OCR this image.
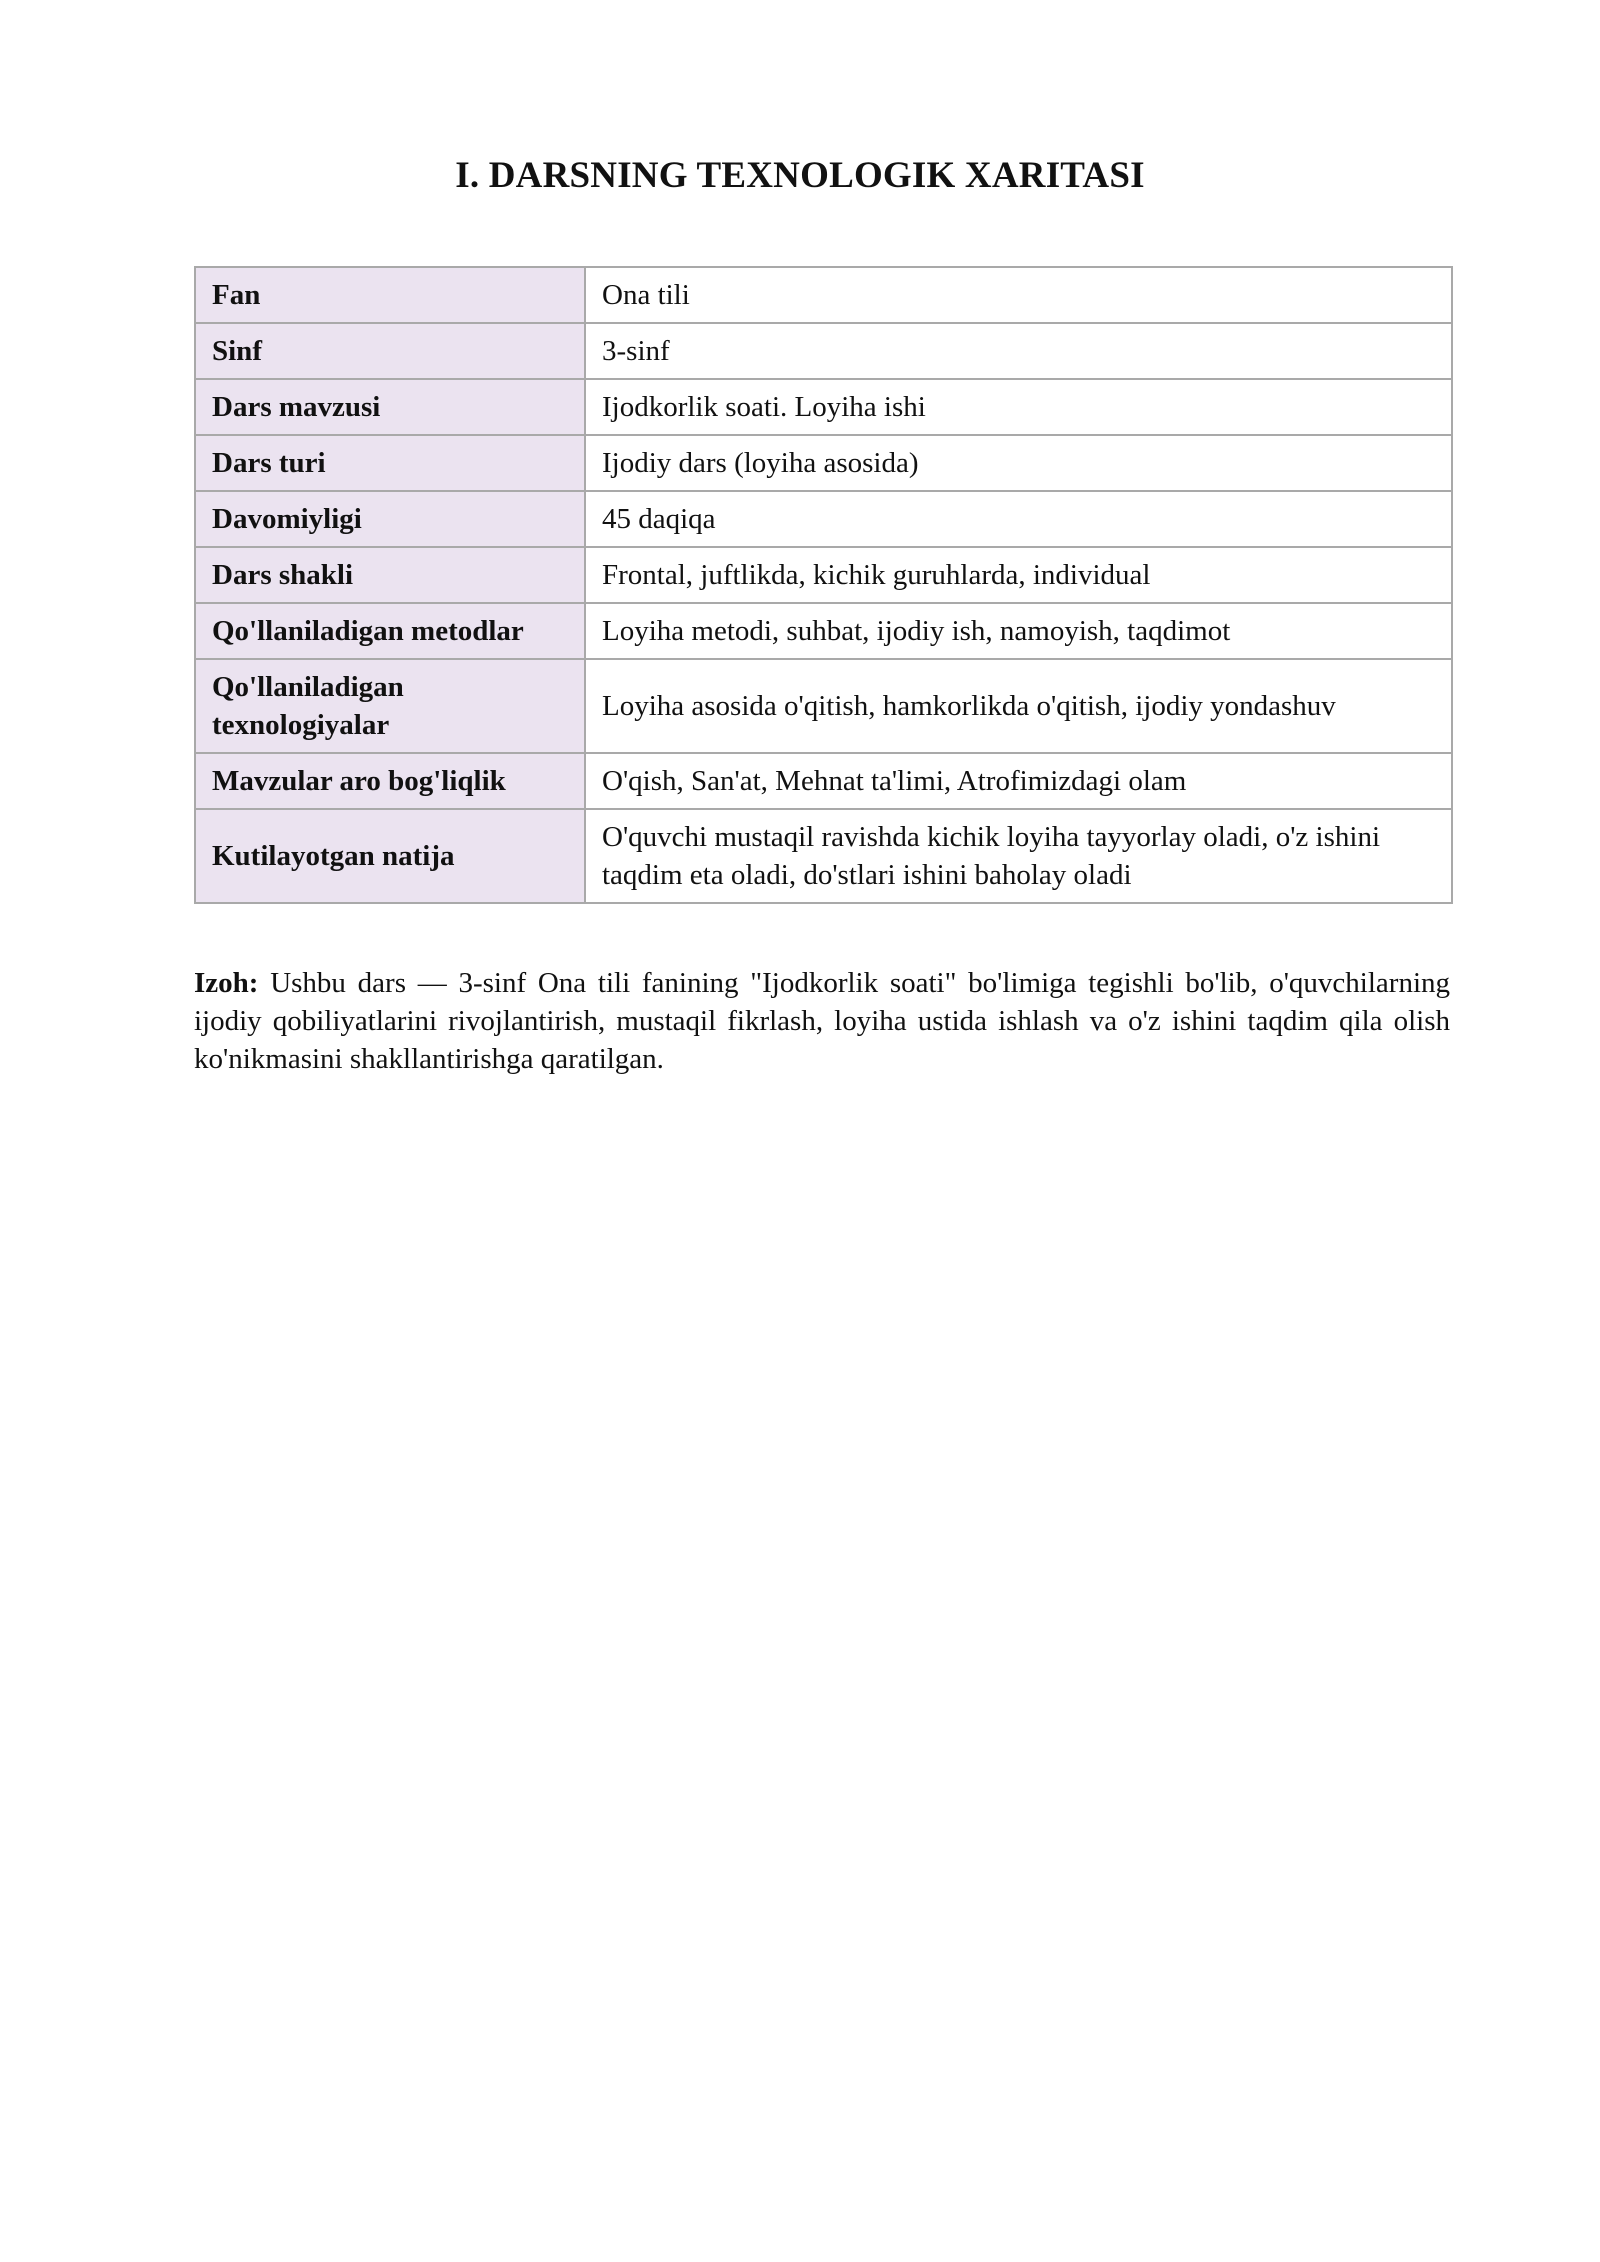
I. DARSNING TEXNOLOGIK XARITASI
Fan	Ona tili
Sinf	3-sinf
Dars mavzusi	Ijodkorlik soati. Loyiha ishi
Dars turi	Ijodiy dars (loyiha asosida)
Davomiyligi	45 daqiqa
Dars shakli	Frontal, juftlikda, kichik guruhlarda, individual
Qo'llaniladigan metodlar	Loyiha metodi, suhbat, ijodiy ish, namoyish, taqdimot
Qo'llaniladigan texnologiyalar	Loyiha asosida o'qitish, hamkorlikda o'qitish, ijodiy yondashuv
Mavzular aro bog'liqlik	O'qish, San'at, Mehnat ta'limi, Atrofimizdagi olam
Kutilayotgan natija	O'quvchi mustaqil ravishda kichik loyiha tayyorlay oladi, o'z ishini taqdim eta oladi, do'stlari ishini baholay oladi

Izoh: Ushbu dars — 3-sinf Ona tili fanining "Ijodkorlik soati" bo'limiga tegishli bo'lib, o'quvchilarning ijodiy qobiliyatlarini rivojlantirish, mustaqil fikrlash, loyiha ustida ishlash va o'z ishini taqdim qila olish ko'nikmasini shakllantirishga qaratilgan.
